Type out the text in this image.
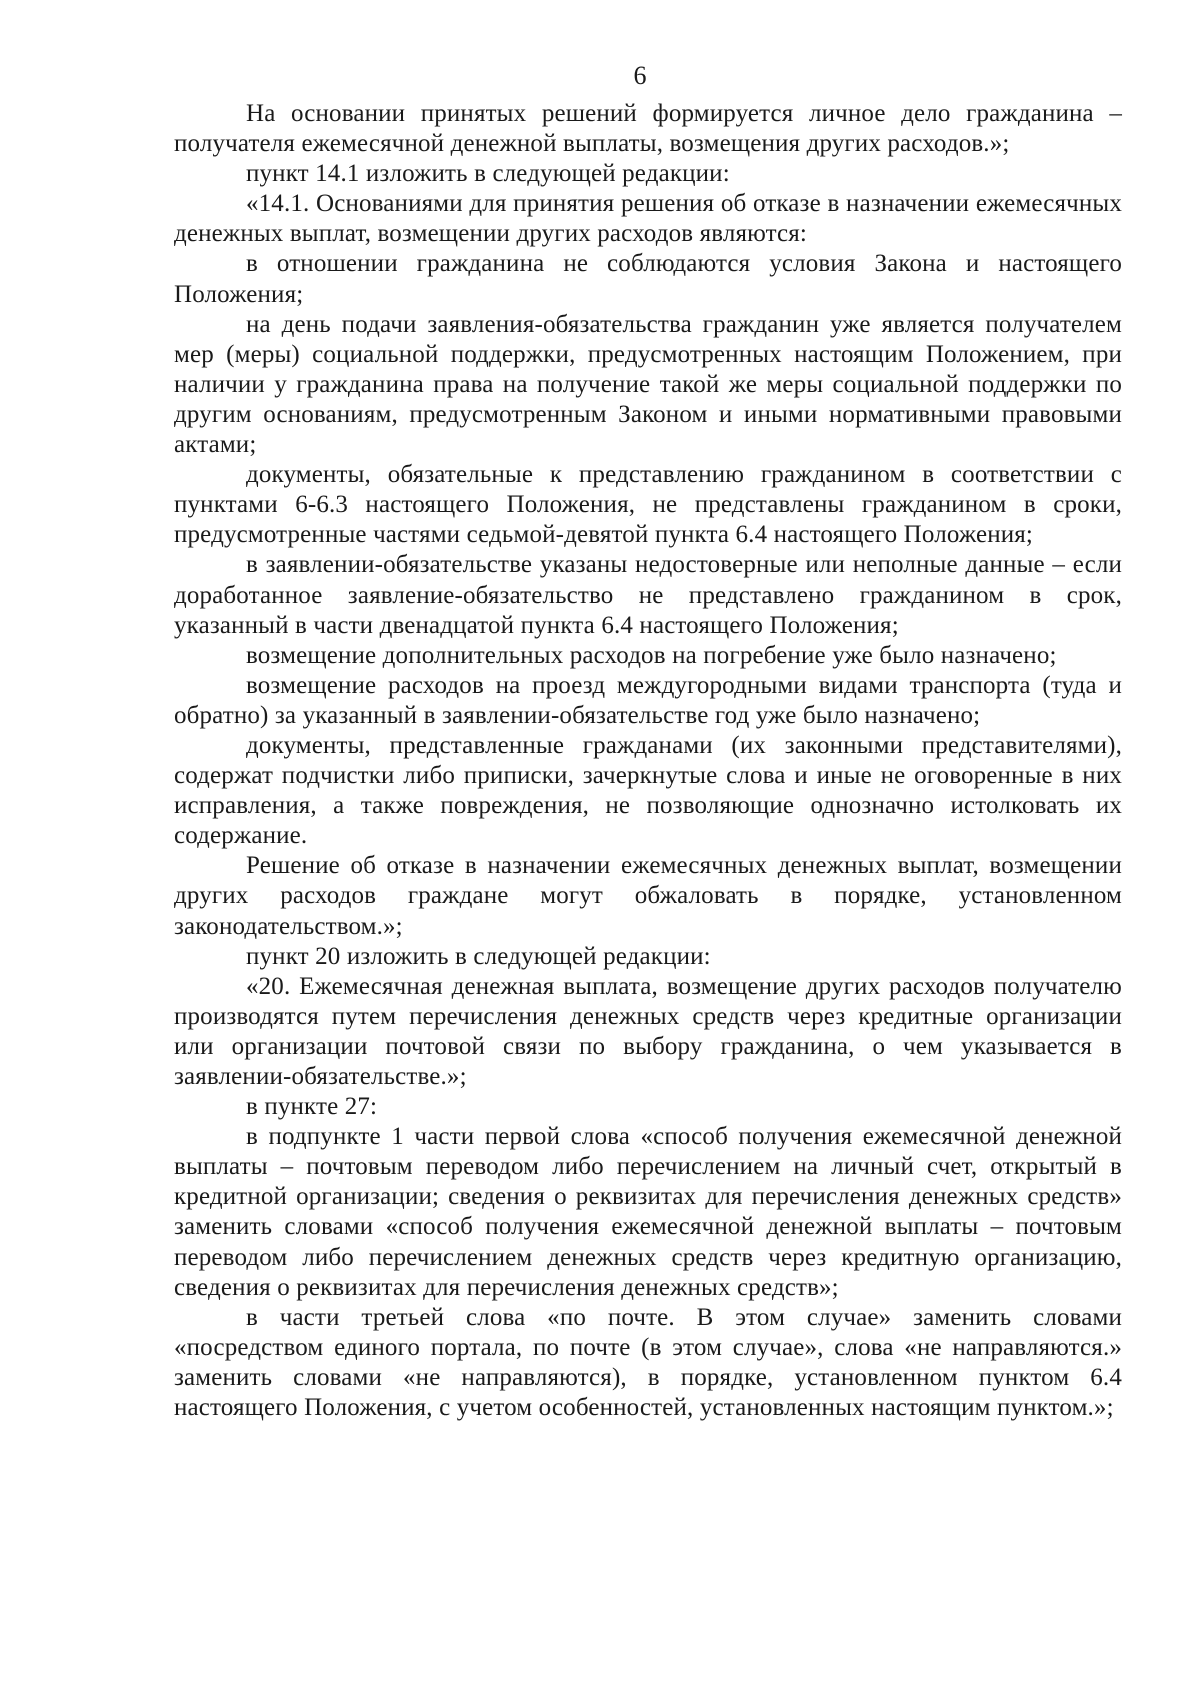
6

На основании принятых решений формируется личное дело гражданина – получателя ежемесячной денежной выплаты, возмещения других расходов.»;

пункт 14.1 изложить в следующей редакции:

«14.1. Основаниями для принятия решения об отказе в назначении ежемесячных денежных выплат, возмещении других расходов являются:

в отношении гражданина не соблюдаются условия Закона и настоящего Положения;

на день подачи заявления-обязательства гражданин уже является получателем мер (меры) социальной поддержки, предусмотренных настоящим Положением, при наличии у гражданина права на получение такой же меры социальной поддержки по другим основаниям, предусмотренным Законом и иными нормативными правовыми актами;

документы, обязательные к представлению гражданином в соответствии с пунктами 6-6.3 настоящего Положения, не представлены гражданином в сроки, предусмотренные частями седьмой-девятой пункта 6.4 настоящего Положения;

в заявлении-обязательстве указаны недостоверные или неполные данные – если доработанное заявление-обязательство не представлено гражданином в срок, указанный в части двенадцатой пункта 6.4 настоящего Положения;

возмещение дополнительных расходов на погребение уже было назначено;

возмещение расходов на проезд междугородными видами транспорта (туда и обратно) за указанный в заявлении-обязательстве год уже было назначено;

документы, представленные гражданами (их законными представителями), содержат подчистки либо приписки, зачеркнутые слова и иные не оговоренные в них исправления, а также повреждения, не позволяющие однозначно истолковать их содержание.

Решение об отказе в назначении ежемесячных денежных выплат, возмещении других расходов граждане могут обжаловать в порядке, установленном законодательством.»;

пункт 20 изложить в следующей редакции:

«20. Ежемесячная денежная выплата, возмещение других расходов получателю производятся путем перечисления денежных средств через кредитные организации или организации почтовой связи по выбору гражданина, о чем указывается в заявлении-обязательстве.»;

в пункте 27:

в подпункте 1 части первой слова «способ получения ежемесячной денежной выплаты – почтовым переводом либо перечислением на личный счет, открытый в кредитной организации; сведения о реквизитах для перечисления денежных средств» заменить словами «способ получения ежемесячной денежной выплаты – почтовым переводом либо перечислением денежных средств через кредитную организацию, сведения о реквизитах для перечисления денежных средств»;

в части третьей слова «по почте. В этом случае» заменить словами «посредством единого портала, по почте (в этом случае», слова «не направляются.» заменить словами «не направляются), в порядке, установленном пунктом 6.4 настоящего Положения, с учетом особенностей, установленных настоящим пунктом.»;
